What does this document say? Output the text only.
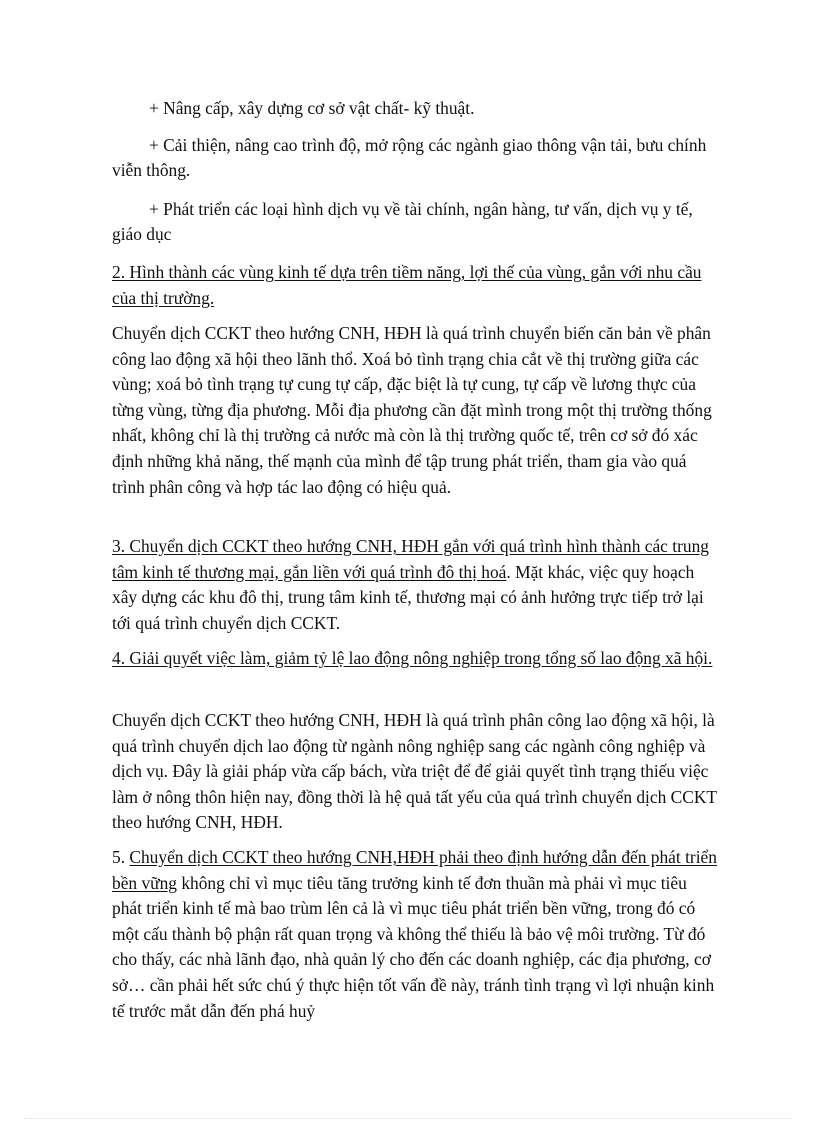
+ Nâng cấp, xây dựng cơ sở vật chất- kỹ thuật.

+ Cải thiện, nâng cao trình độ, mở rộng các ngành giao thông vận tải, bưu chính viễn thông.

+ Phát triển các loại hình dịch vụ về tài chính, ngân hàng, tư vấn, dịch vụ y tế, giáo dục

2. Hình thành các vùng kinh tế dựa trên tiềm năng, lợi thế của vùng, gắn với nhu cầu của thị trường.

Chuyển dịch CCKT theo hướng CNH, HĐH là quá trình chuyển biến căn bản về phân công lao động xã hội theo lãnh thổ. Xoá bỏ tình trạng chia cắt về thị trường giữa các vùng; xoá bỏ tình trạng tự cung tự cấp, đặc biệt là tự cung, tự cấp về lương thực của từng vùng, từng địa phương. Mỗi địa phương cần đặt mình trong một thị trường thống nhất, không chỉ là thị trường cả nước mà còn là thị trường quốc tế, trên cơ sở đó xác định những khả năng, thế mạnh của mình để tập trung phát triển, tham gia vào quá trình phân công và hợp tác lao động có hiệu quả.

3. Chuyển dịch CCKT theo hướng CNH, HĐH gắn với quá trình hình thành các trung tâm kinh tế thương mại, gắn liền với quá trình đô thị hoá. Mặt khác, việc quy hoạch xây dựng các khu đô thị, trung tâm kinh tế, thương mại có ảnh hưởng trực tiếp trở lại tới quá trình chuyển dịch CCKT.

4. Giải quyết việc làm, giảm tỷ lệ lao động nông nghiệp trong tổng số lao động xã hội.

Chuyển dịch CCKT theo hướng CNH, HĐH là quá trình phân công lao động xã hội, là quá trình chuyển dịch lao động từ ngành nông nghiệp sang các ngành công nghiệp và dịch vụ. Đây là giải pháp vừa cấp bách, vừa triệt để để giải quyết tình trạng thiếu việc làm ở nông thôn hiện nay, đồng thời là hệ quả tất yếu của quá trình chuyển dịch CCKT theo hướng CNH, HĐH.

5. Chuyển dịch CCKT theo hướng CNH,HĐH phải theo định hướng dẫn đến phát triển bền vững không chỉ vì mục tiêu tăng trưởng kinh tế đơn thuần mà phải vì mục tiêu phát triển kinh tế mà bao trùm lên cả là vì mục tiêu phát triển bền vững, trong đó có một cấu thành bộ phận rất quan trọng và không thể thiếu là bảo vệ môi trường. Từ đó cho thấy, các nhà lãnh đạo, nhà quản lý cho đến các doanh nghiệp, các địa phương, cơ sở… cần phải hết sức chú ý thực hiện tốt vấn đề này, tránh tình trạng vì lợi nhuận kinh tế trước mắt dẫn đến phá huỷ
